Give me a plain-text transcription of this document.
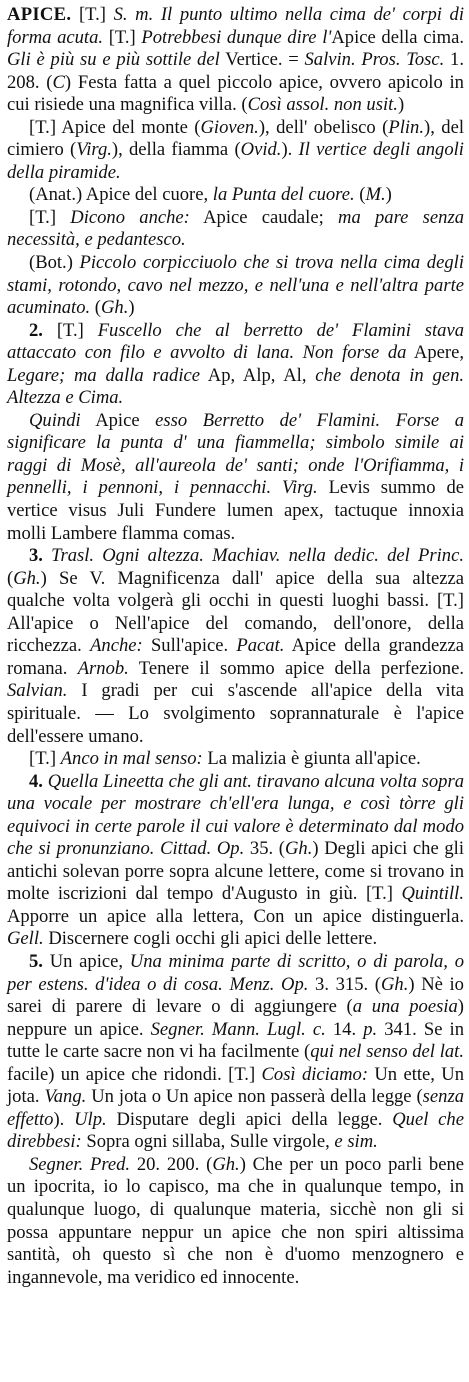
APICE. [T.] S. m. Il punto ultimo nella cima de' corpi di forma acuta. [T.] Potrebbesi dunque dire l'Apice della cima. Gli è più su e più sottile del Vertice. = Salvin. Pros. Tosc. 1. 208. (C) Festa fatta a quel piccolo apice, ovvero apicolo in cui risiede una magnifica villa. (Così assol. non usit.)

[T.] Apice del monte (Gioven.), dell' obelisco (Plin.), del cimiero (Virg.), della fiamma (Ovid.). Il vertice degli angoli della piramide.

(Anat.) Apice del cuore, la Punta del cuore. (M.)

[T.] Dicono anche: Apice caudale; ma pare senza necessità, e pedantesco.

(Bot.) Piccolo corpicciuolo che si trova nella cima degli stami, rotondo, cavo nel mezzo, e nell'una e nell'altra parte acuminato. (Gh.)

2. [T.] Fuscello che al berretto de' Flamini stava attaccato con filo e avvolto di lana. Non forse da Apere, Legare; ma dalla radice Ap, Alp, Al, che denota in gen. Altezza e Cima.

Quindi Apice esso Berretto de' Flamini. Forse a significare la punta d' una fiammella; simbolo simile ai raggi di Mosè, all'aureola de' santi; onde l'Orifiamma, i pennelli, i pennoni, i pennacchi. Virg. Levis summo de vertice visus Juli Fundere lumen apex, tactuque innoxia molli Lambere flamma comas.

3. Trasl. Ogni altezza. Machiav. nella dedic. del Princ. (Gh.) Se V. Magnificenza dall' apice della sua altezza qualche volta volgerà gli occhi in questi luoghi bassi. [T.] All'apice o Nell'apice del comando, dell'onore, della ricchezza. Anche: Sull'apice. Pacat. Apice della grandezza romana. Arnob. Tenere il sommo apice della perfezione. Salvian. I gradi per cui s'ascende all'apice della vita spirituale. — Lo svolgimento soprannaturale è l'apice dell'essere umano.

[T.] Anco in mal senso: La malizia è giunta all'apice.

4. Quella Lineetta che gli ant. tiravano alcuna volta sopra una vocale per mostrare ch'ell'era lunga, e così tòrre gli equivoci in certe parole il cui valore è determinato dal modo che si pronunziano. Cittad. Op. 35. (Gh.) Degli apici che gli antichi solevan porre sopra alcune lettere, come si trovano in molte iscrizioni dal tempo d'Augusto in giù. [T.] Quintill. Apporre un apice alla lettera, Con un apice distinguerla. Gell. Discernere cogli occhi gli apici delle lettere.

5. Un apice, Una minima parte di scritto, o di parola, o per estens. d'idea o di cosa. Menz. Op. 3. 315. (Gh.) Nè io sarei di parere di levare o di aggiungere (a una poesia) neppure un apice. Segner. Mann. Lugl. c. 14. p. 341. Se in tutte le carte sacre non vi ha facilmente (qui nel senso del lat. facile) un apice che ridondi. [T.] Così diciamo: Un ette, Un jota. Vang. Un jota o Un apice non passerà della legge (senza effetto). Ulp. Disputare degli apici della legge. Quel che direbbesi: Sopra ogni sillaba, Sulle virgole, e sim.

Segner. Pred. 20. 200. (Gh.) Che per un poco parli bene un ipocrita, io lo capisco, ma che in qualunque tempo, in qualunque luogo, di qualunque materia, sicchè non gli si possa appuntare neppur un apice che non spiri altissima santità, oh questo sì che non è d'uomo menzognero e ingannevole, ma veridico ed innocente.
